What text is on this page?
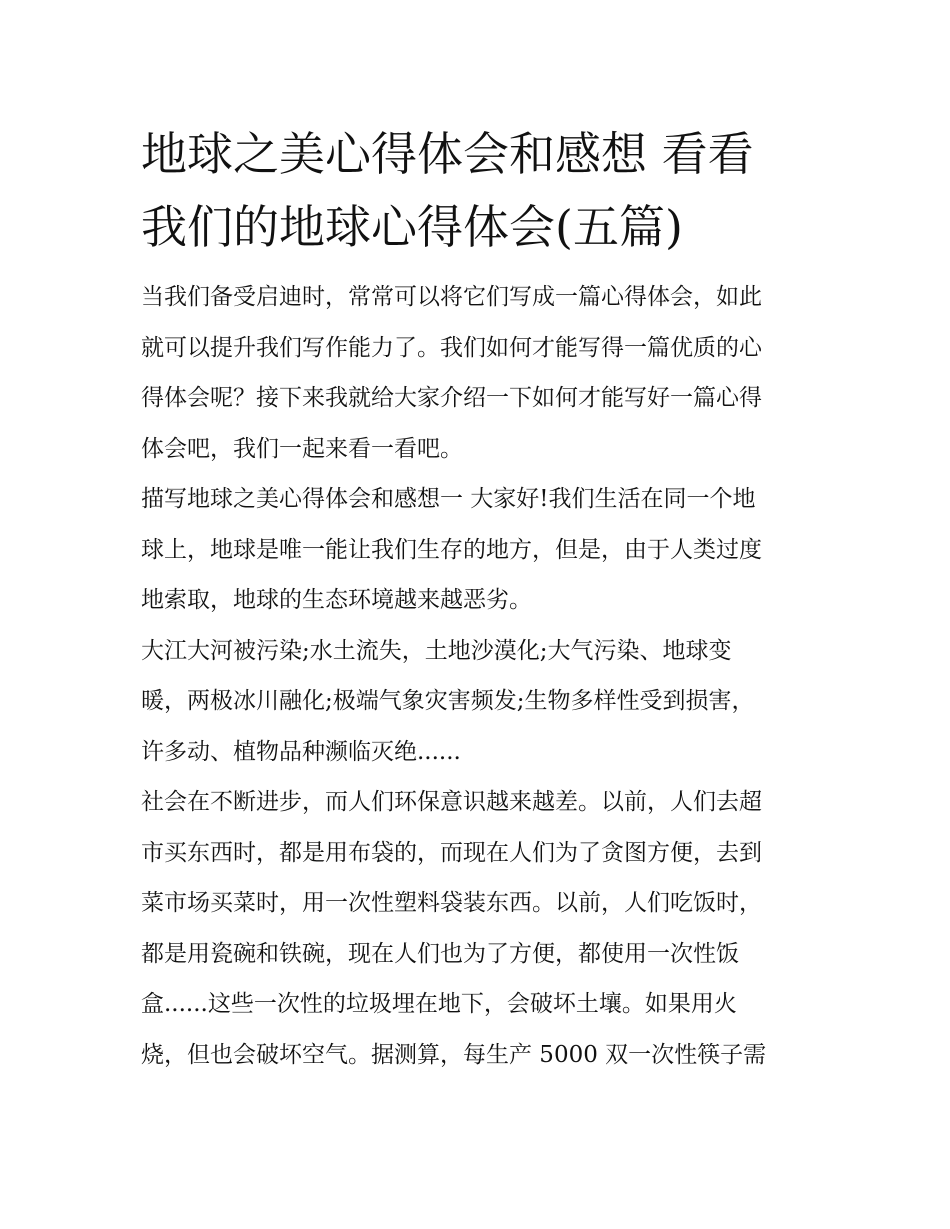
地球之美心得体会和感想 看看
我们的地球心得体会(五篇)

当我们备受启迪时，常常可以将它们写成一篇心得体会，如此
就可以提升我们写作能力了。我们如何才能写得一篇优质的心
得体会呢？接下来我就给大家介绍一下如何才能写好一篇心得
体会吧，我们一起来看一看吧。

描写地球之美心得体会和感想一 大家好!我们生活在同一个地
球上，地球是唯一能让我们生存的地方，但是，由于人类过度
地索取，地球的生态环境越来越恶劣。

大江大河被污染;水土流失，土地沙漠化;大气污染、地球变
暖，两极冰川融化;极端气象灾害频发;生物多样性受到损害，
许多动、植物品种濒临灭绝......

社会在不断进步，而人们环保意识越来越差。以前，人们去超
市买东西时，都是用布袋的，而现在人们为了贪图方便，去到
菜市场买菜时，用一次性塑料袋装东西。以前，人们吃饭时，
都是用瓷碗和铁碗，现在人们也为了方便，都使用一次性饭
盒......这些一次性的垃圾埋在地下，会破坏土壤。如果用火
烧，但也会破坏空气。据测算，每生产 5000 双一次性筷子需
